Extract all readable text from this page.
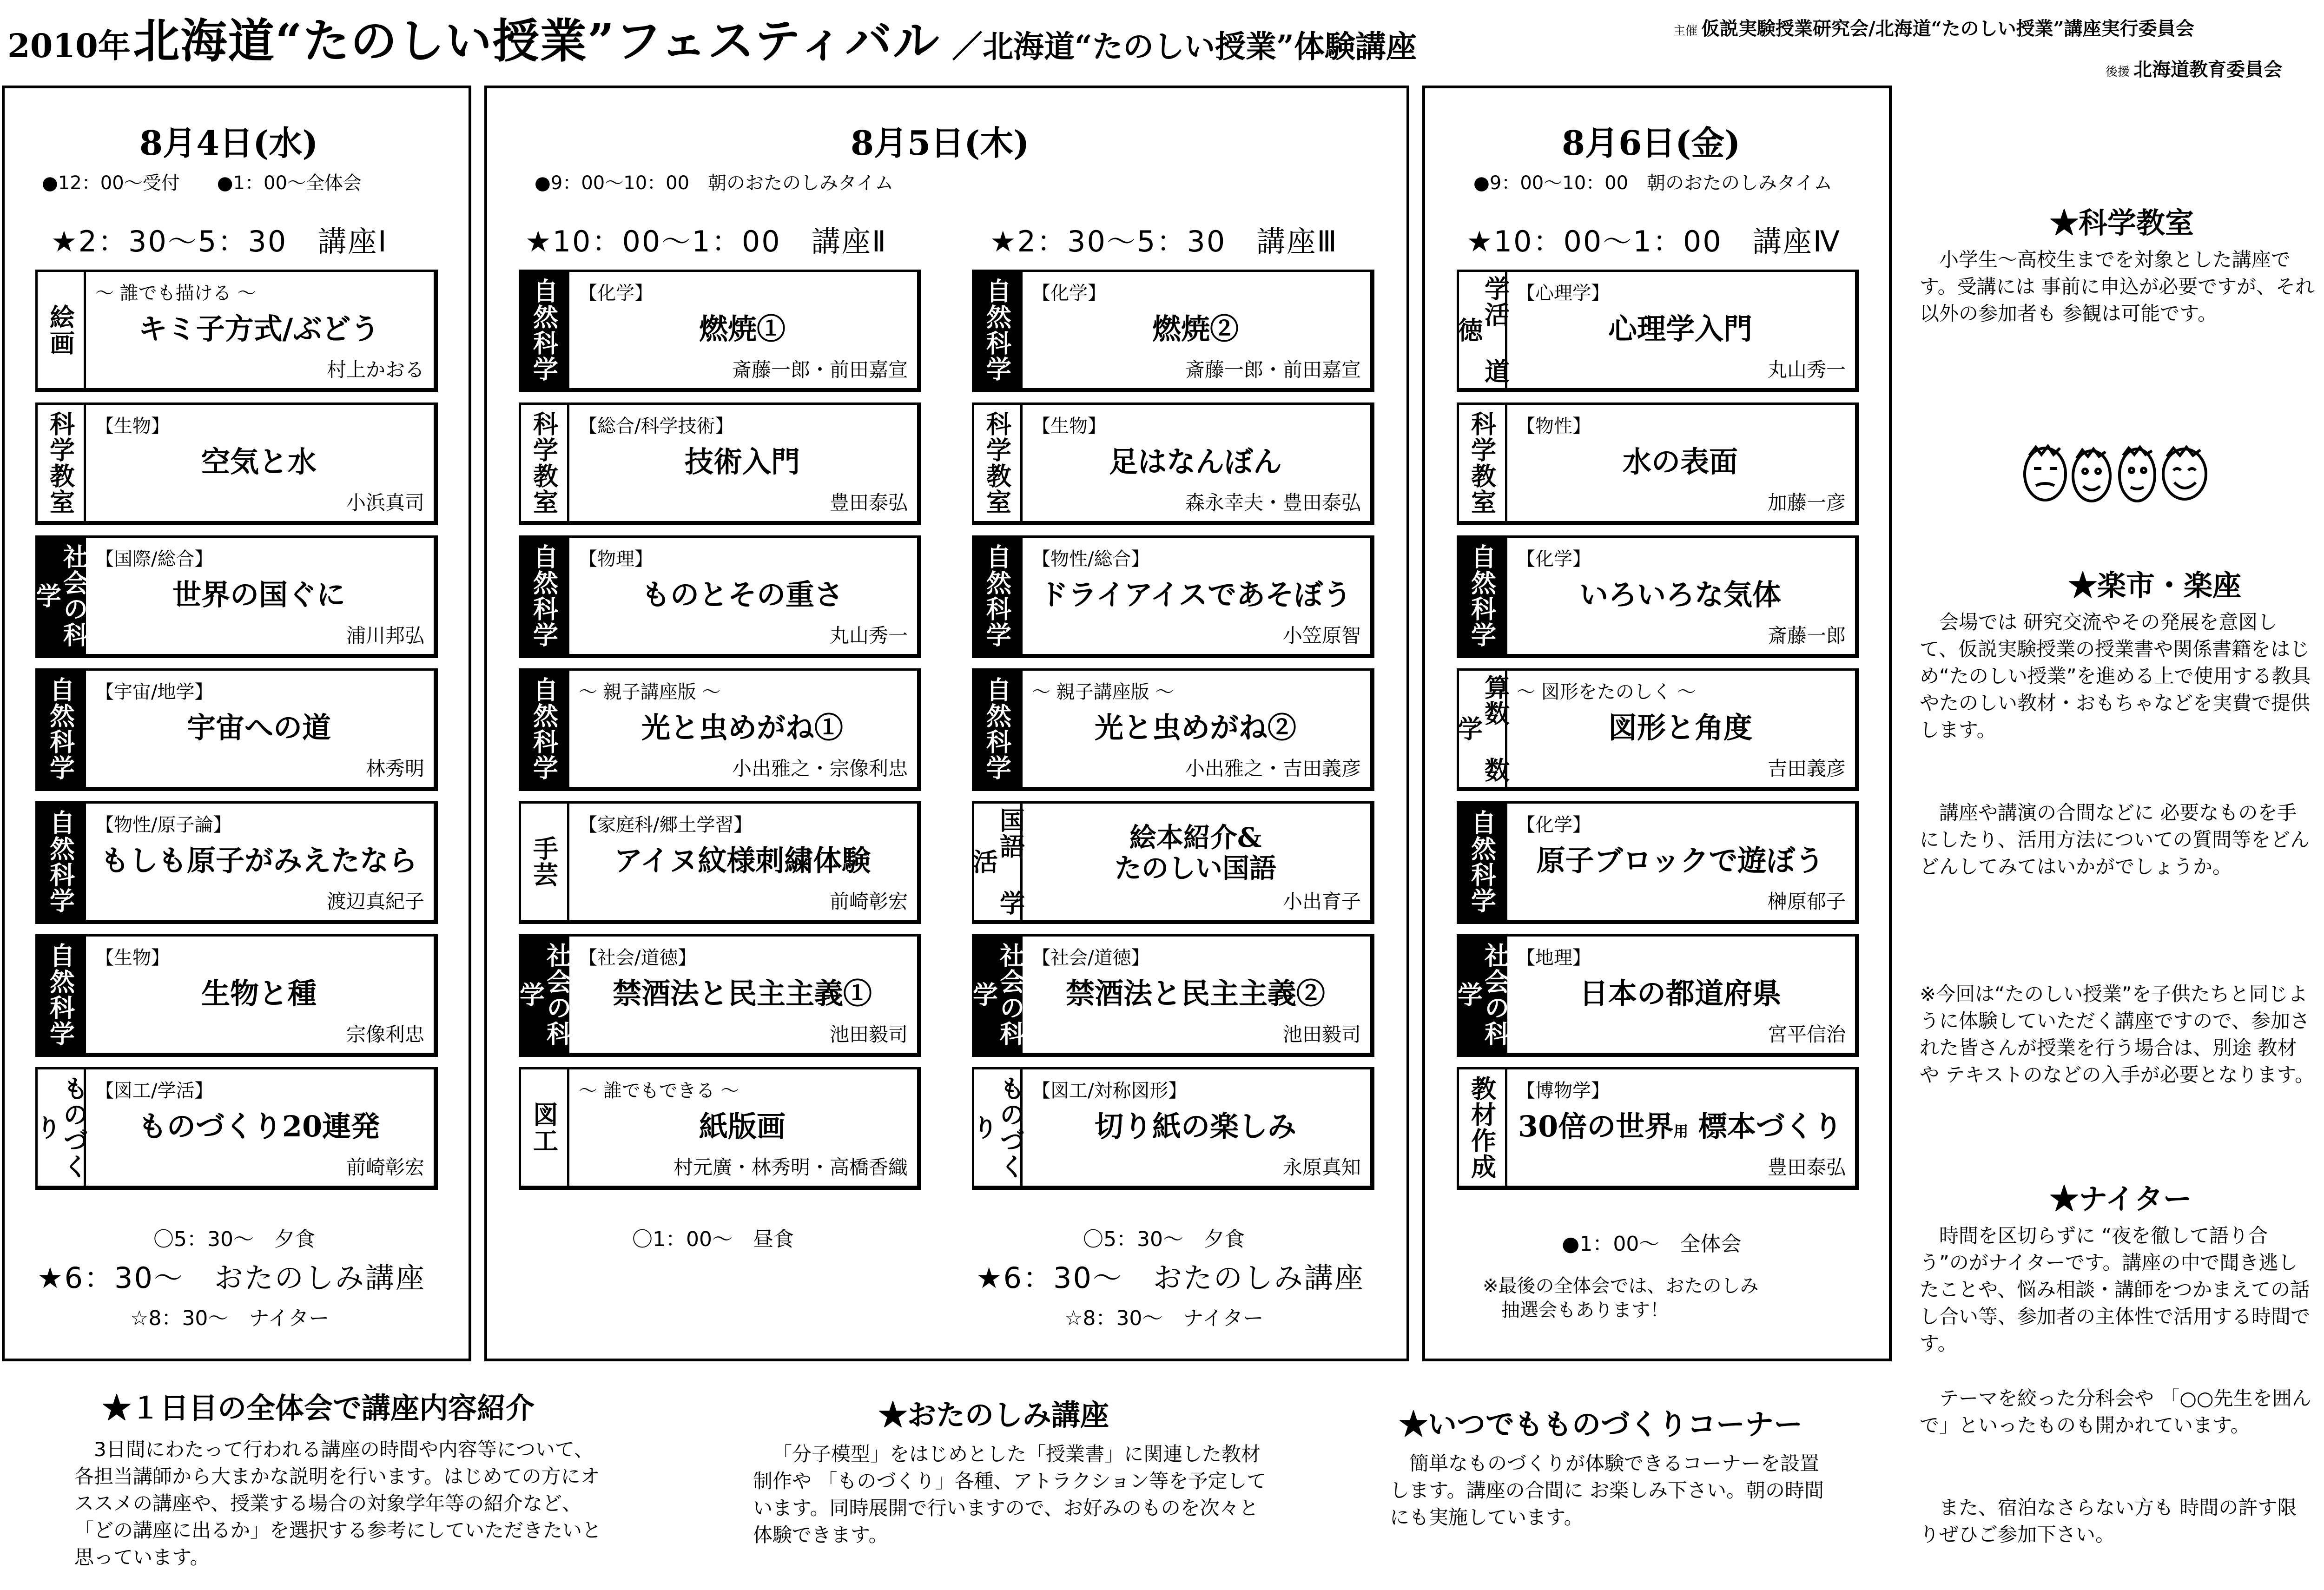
2010年 北海道“たのしい授業”フェスティバル ／北海道“たのしい授業”体験講座	主催 仮説実験授業研究会/北海道“たのしい授業”講座実行委員会
後援 北海道教育委員会
8月4日(水)
●12：00～受付　　●1：00～全体会
★2：30～5：30　講座Ⅰ
絵画
～ 誰でも描ける ～
キミ子方式/ぶどう
村上かおる
科学教室	【生物】
空気と水
小浜真司
社会の科学
【国際/総合】
世界の国ぐに
浦川邦弘
自然科学	【宇宙/地学】
宇宙への道
林秀明
自然科学	【物性/原子論】
もしも原子がみえたなら
渡辺真紀子
自然科学	【生物】
生物と種
宗像利忠
ものづくり
【図工/学活】
ものづくり20連発
前崎彰宏
〇5：30～　夕食
★6：30～　おたのしみ講座
☆8：30～　ナイター
8月5日(木)
●9：00～10：00　朝のおたのしみタイム
★10：00～1：00　講座Ⅱ	★2：30～5：30　講座Ⅲ
自然科学	【化学】
燃焼①
斎藤一郎・前田嘉宣
科学教室	【総合/科学技術】
技術入門
豊田泰弘
自然科学	【物理】
ものとその重さ
丸山秀一
自然科学	～ 親子講座版 ～
光と虫めがね①
小出雅之・宗像利忠
手芸
【家庭科/郷土学習】
アイヌ紋様刺繍体験
前崎彰宏
社会の科学
【社会/道徳】
禁酒法と民主主義①
池田毅司
図工
～ 誰でもできる ～
紙版画
村元廣・林秀明・高橋香織
自然科学	【化学】
燃焼②
斎藤一郎・前田嘉宣
科学教室	【生物】
足はなんぼん
森永幸夫・豊田泰弘
自然科学	【物性/総合】
ドライアイスであそぼう
小笠原智
自然科学	～ 親子講座版 ～
光と虫めがね②
小出雅之・吉田義彦
国語 学活
絵本紹介&
たのしい国語
小出育子
社会の科学
【社会/道徳】
禁酒法と民主主義②
池田毅司
ものづくり
【図工/対称図形】
切り紙の楽しみ
永原真知
〇1：00～　昼食	〇5：30～　夕食
★6：30～　おたのしみ講座
☆8：30～　ナイター
8月6日(金)
●9：00～10：00　朝のおたのしみタイム
★10：00～1：00　講座Ⅳ
学活 道徳
【心理学】
心理学入門
丸山秀一
科学教室	【物性】
水の表面
加藤一彦
自然科学	【化学】
いろいろな気体
斎藤一郎
算数 数学
～ 図形をたのしく ～
図形と角度
吉田義彦
自然科学	【化学】
原子ブロックで遊ぼう
榊原郁子
社会の科学
【地理】
日本の都道府県
宮平信治
教材作成	【博物学】
30倍の世界用 標本づくり
豊田泰弘
●1：00～　全体会
※最後の全体会では、おたのしみ
抽選会もあります！
★科学教室
小学生～高校生までを対象とした講座です。受講には 事前に申込が必要ですが、それ以外の参加者も 参観は可能です。
★楽市・楽座
会場では 研究交流やその発展を意図して、仮説実験授業の授業書や関係書籍をはじめ“たのしい授業”を進める上で使用する教具やたのしい教材・おもちゃなどを実費で提供します。
講座や講演の合間などに 必要なものを手にしたり、活用方法についての質問等をどんどんしてみてはいかがでしょうか。
※今回は“たのしい授業”を子供たちと同じように体験していただく講座ですので、参加された皆さんが授業を行う場合は、別途 教材や テキストのなどの入手が必要となります。
★ナイター
時間を区切らずに “夜を徹して語り合う”のがナイターです。講座の中で聞き逃したことや、悩み相談・講師をつかまえての話し合い等、参加者の主体性で活用する時間です。
テーマを絞った分科会や 「○○先生を囲んで」といったものも開かれています。
また、宿泊なさらない方も 時間の許す限りぜひご参加下さい。
★１日目の全体会で講座内容紹介
3日間にわたって行われる講座の時間や内容等について、各担当講師から大まかな説明を行います。はじめての方にオススメの講座や、授業する場合の対象学年等の紹介など、「どの講座に出るか」を選択する参考にしていただきたいと思っています。
★おたのしみ講座
「分子模型」をはじめとした「授業書」に関連した教材制作や 「ものづくり」各種、アトラクション等を予定しています。同時展開で行いますので、お好みのものを次々と体験できます。
★いつでもものづくりコーナー
簡単なものづくりが体験できるコーナーを設置します。講座の合間に お楽しみ下さい。朝の時間にも実施しています。
